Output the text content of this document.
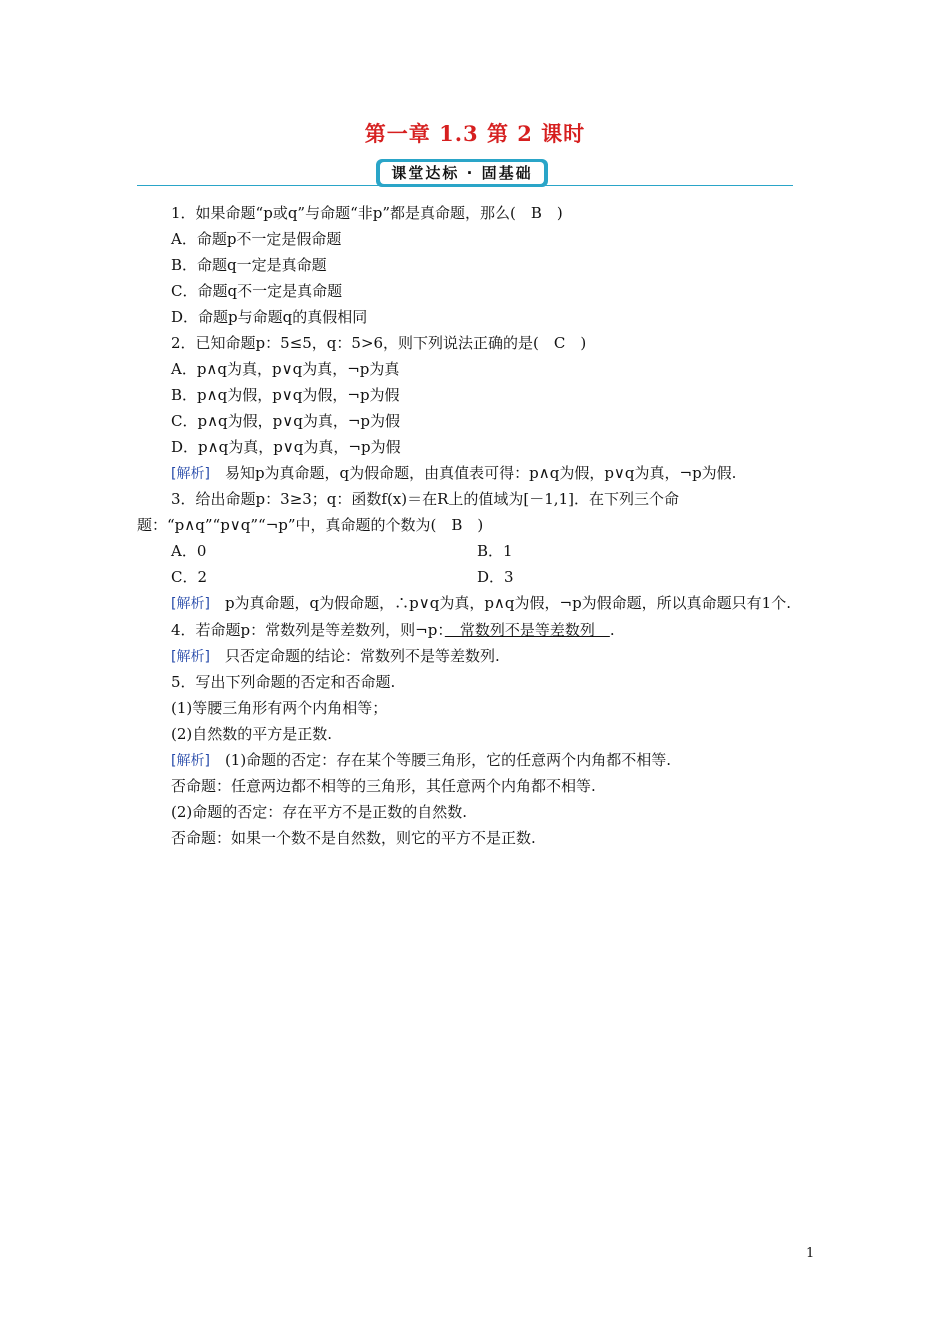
第一章 1.3 第 2 课时
课堂达标 · 固基础
1．如果命题“p或q”与命题“非p”都是真命题，那么(　B　)
A．命题p不一定是假命题
B．命题q一定是真命题
C．命题q不一定是真命题
D．命题p与命题q的真假相同
2．已知命题p：5≤5，q：5>6，则下列说法正确的是(　C　)
A．p∧q为真，p∨q为真，¬p为真
B．p∧q为假，p∨q为假，¬p为假
C．p∧q为假，p∨q为真，¬p为假
D．p∧q为真，p∨q为真，¬p为假
[解析]　易知p为真命题，q为假命题，由真值表可得：p∧q为假，p∨q为真，¬p为假.
3．给出命题p：3≥3；q：函数f(x)＝在R上的值域为[－1,1]．在下列三个命题：“p∧q”“p∨q”“¬p”中，真命题的个数为(　B　)
A．0	B．1
C．2	D．3
[解析]　p为真命题，q为假命题，∴p∨q为真，p∧q为假，¬p为假命题，所以真命题只有1个.
4．若命题p：常数列是等差数列，则¬p：　常数列不是等差数列　.
[解析]　只否定命题的结论：常数列不是等差数列.
5．写出下列命题的否定和否命题.
(1)等腰三角形有两个内角相等；
(2)自然数的平方是正数.
[解析]　(1)命题的否定：存在某个等腰三角形，它的任意两个内角都不相等.
否命题：任意两边都不相等的三角形，其任意两个内角都不相等.
(2)命题的否定：存在平方不是正数的自然数.
否命题：如果一个数不是自然数，则它的平方不是正数.
1
